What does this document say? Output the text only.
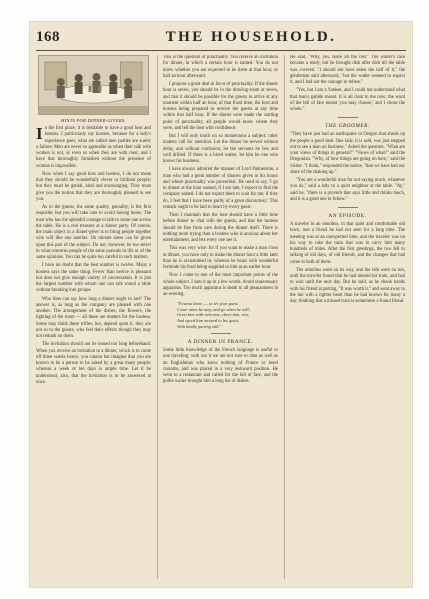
168	THE HOUSEHOLD.
HINTS FOR DINNER-GIVERS.

In the first place, it is desirable to have a good host and hostess. I particularly say hostess, because for a lady's experience goes, what are called men parties are surely a failure. Men are never so agreeable as when their talk with women is not, or even so when they are with men; and I have that thoroughly furnished without the presence of woman is impossible.

Now when I say good host and hostess, I do not mean that they should be wonderfully clever or brilliant people; but they must be genial, kind and encouraging. They must give you the notion that they are thoroughly pleased to see you.

As to the guests, the same quality, geniality, is the first requisite; but you will take care to avoid having bores. The man who has the splendid courage to talk to some one across the table. He is a real treasure at a dinner party. Of course, the main object in a dinner-giver is to bring people together who will like one another. On minute notes can be given upon this part of the subject. Do not, however, be too select in what concerns people of the same pursuits in life or of the same opinions. You can be quite too careful in such matters.

I have no doubt that the best number is twelve. Many a hostess says the same thing. Fewer than twelve is pleasant but does not give enough variety of conversation. It is just the largest number with whom one can talk round a table without breaking into groups.

Who then can say how long a dinner ought to last? The answer is, as long as the company are pleased with one another. The arrangement of the dishes, the flowers, the lighting of the room — all these are matters for the hostess. Some may think these trifles; but, depend upon it, they are not so to the guests, who feel their effects though they may not remark on them.

The invitation should not be issued too long beforehand. When you receive an invitation to a dinner, which is to come off three weeks hence, you cannot but imagine that you are known to be a person to be asked by a great many people; whereas a week or ten days is ample time. Let it be understood, also, that the invitation is to be answered at once.

This is the question of punctuality. You receive an invitation for dinner, in which a certain hour is named. You do not know whether you are expected to be there at that hour, or half an hour afterward.

I propose a great deal in favor of punctuality. If the dinner hour is seven, you should be in the drawing-room at seven, and that it should be possible for the guests to arrive at any moment within half an hour, of that fixed time, the host and hostess being prepared to receive the guests at any time within that half hour. If the dinner were made the starting point of punctuality, all people would know where they were, and tell the host with confidence.

But I will only touch on so momentous a subject; other matters call for attention. Let the dinner be served without delay, and without confusion; let the servants be few and well drilled. If there is a hired waiter, let him be one who knows his business.

I have always admired the manner of Lord Palmerston, a man who had a great number of dinners given in his honor and whose punctuality was proverbial. He used to say, 'I go to dinner at the hour named; if I am late, I expect to find the company seated. I do not expect them to wait for me; if they do, I feel that I have been guilty of a great discourtesy.' This remark ought to be laid to heart by every guest.

Then I maintain that the host should have a little time before dinner to chat with the guests, and that the hostess should be free from care during the dinner itself. There is nothing more trying than a hostess who is anxious about her entertainment, and lets every one see it.

This was very wise: for if you want to make a man cross at dinner, you have only to make the dinner hour a little later than he is accustomed to; whereas he bears with wonderful fortitude his food being supplied to him at an earlier hour.

Now I come to one of the most important points of the whole subject. I sum it up in a few words. Avoid unnecessary apparatus. Too much apparatus is death to all pleasantness in an evening.

"Festina lente, — so let your guest
Come when he may, and go when he will;
Greet him with welcome, cheer him, rest,
And speed him onward to his quest,
With kindly parting still."
A DINNER IN FRANCE.

Some little knowledge of the French language is useful to one traveling; with out it we are not sure to dine as well as an Englishman who knew nothing of France or hotel customs, and was placed in a very awkward position. He went to a restaurant and called for the bill of fare, and the polite waiter brought him a long list of dishes.

He said, "Why, yes, leave all the rest." The waiter's face became a study, but he brought dish after dish till the table was covered. "I should not have eaten the half of it," the gentleman said afterward, "but the waiter seemed to expect it, and I had not the courage to refuse."

"Yes, but I am a Yankee, and I could not understand what that man's gabble meant. It is all clear to me now; the word of the bill of fare meant 'you may choose,' and I chose the whole."

THE GROOMER.

"They have just had an earthquake in Oregon that shook up the people a good deal. One lady, it is said, was just stepped out to see a man on business." Asked the question, "What are your views of things in general?" "Views of what?" said the Oregonian. "Why, of how things are going on here," said the visitor. "I think," responded the native, "that we have had our share of the shaking up."

"You are a wonderful man for not saying much, whatever you do," said a lady to a quiet neighbor at the table. "Ay," said he, "there is a proverb that says little and thinks much, and it is a good one to follow."

AN EPISODE.

A traveler in an omnibus, in that quiet and comfortable old town, met a friend he had not seen for a long time. The meeting was at an unexpected time, and the traveler was on his way to take the train that was to carry him many hundreds of miles. After the first greetings, the two fell to talking of old days, of old friends, and the changes that had come to both of them.

The omnibus went on its way, and the talk went on too, until the traveler found that he had missed his train, and had to wait until the next day. But he said, as he shook hands with his friend at parting, "It was worth it," and went away to the inn with a lighter heart than he had known for many a day, thinking that a missed train is sometimes a found friend.
